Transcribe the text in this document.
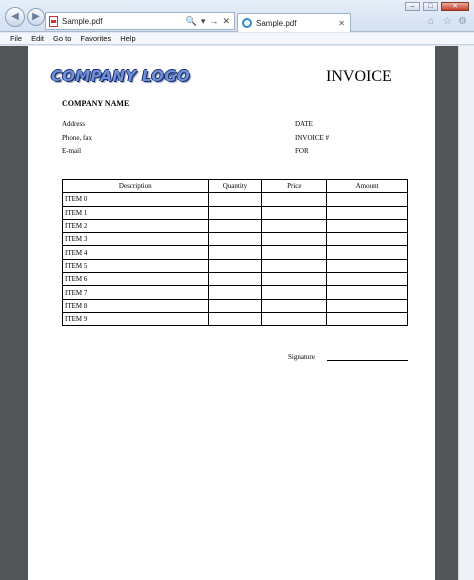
◀	▶	Sample.pdf	🔍 ▾ → ✕	Sample.pdf	✕
–	□	✕
⌂ ☆ ⚙
File Edit Go to Favorites Help
COMPANY LOGO	INVOICE
COMPANY NAME
Address
Phone, fax
E-mail
DATE
INVOICE #
FOR
Description	Quantity	Price	Amount
ITEM 0			
ITEM 1			
ITEM 2			
ITEM 3			
ITEM 4			
ITEM 5			
ITEM 6			
ITEM 7			
ITEM 8			
ITEM 9			
Signature
